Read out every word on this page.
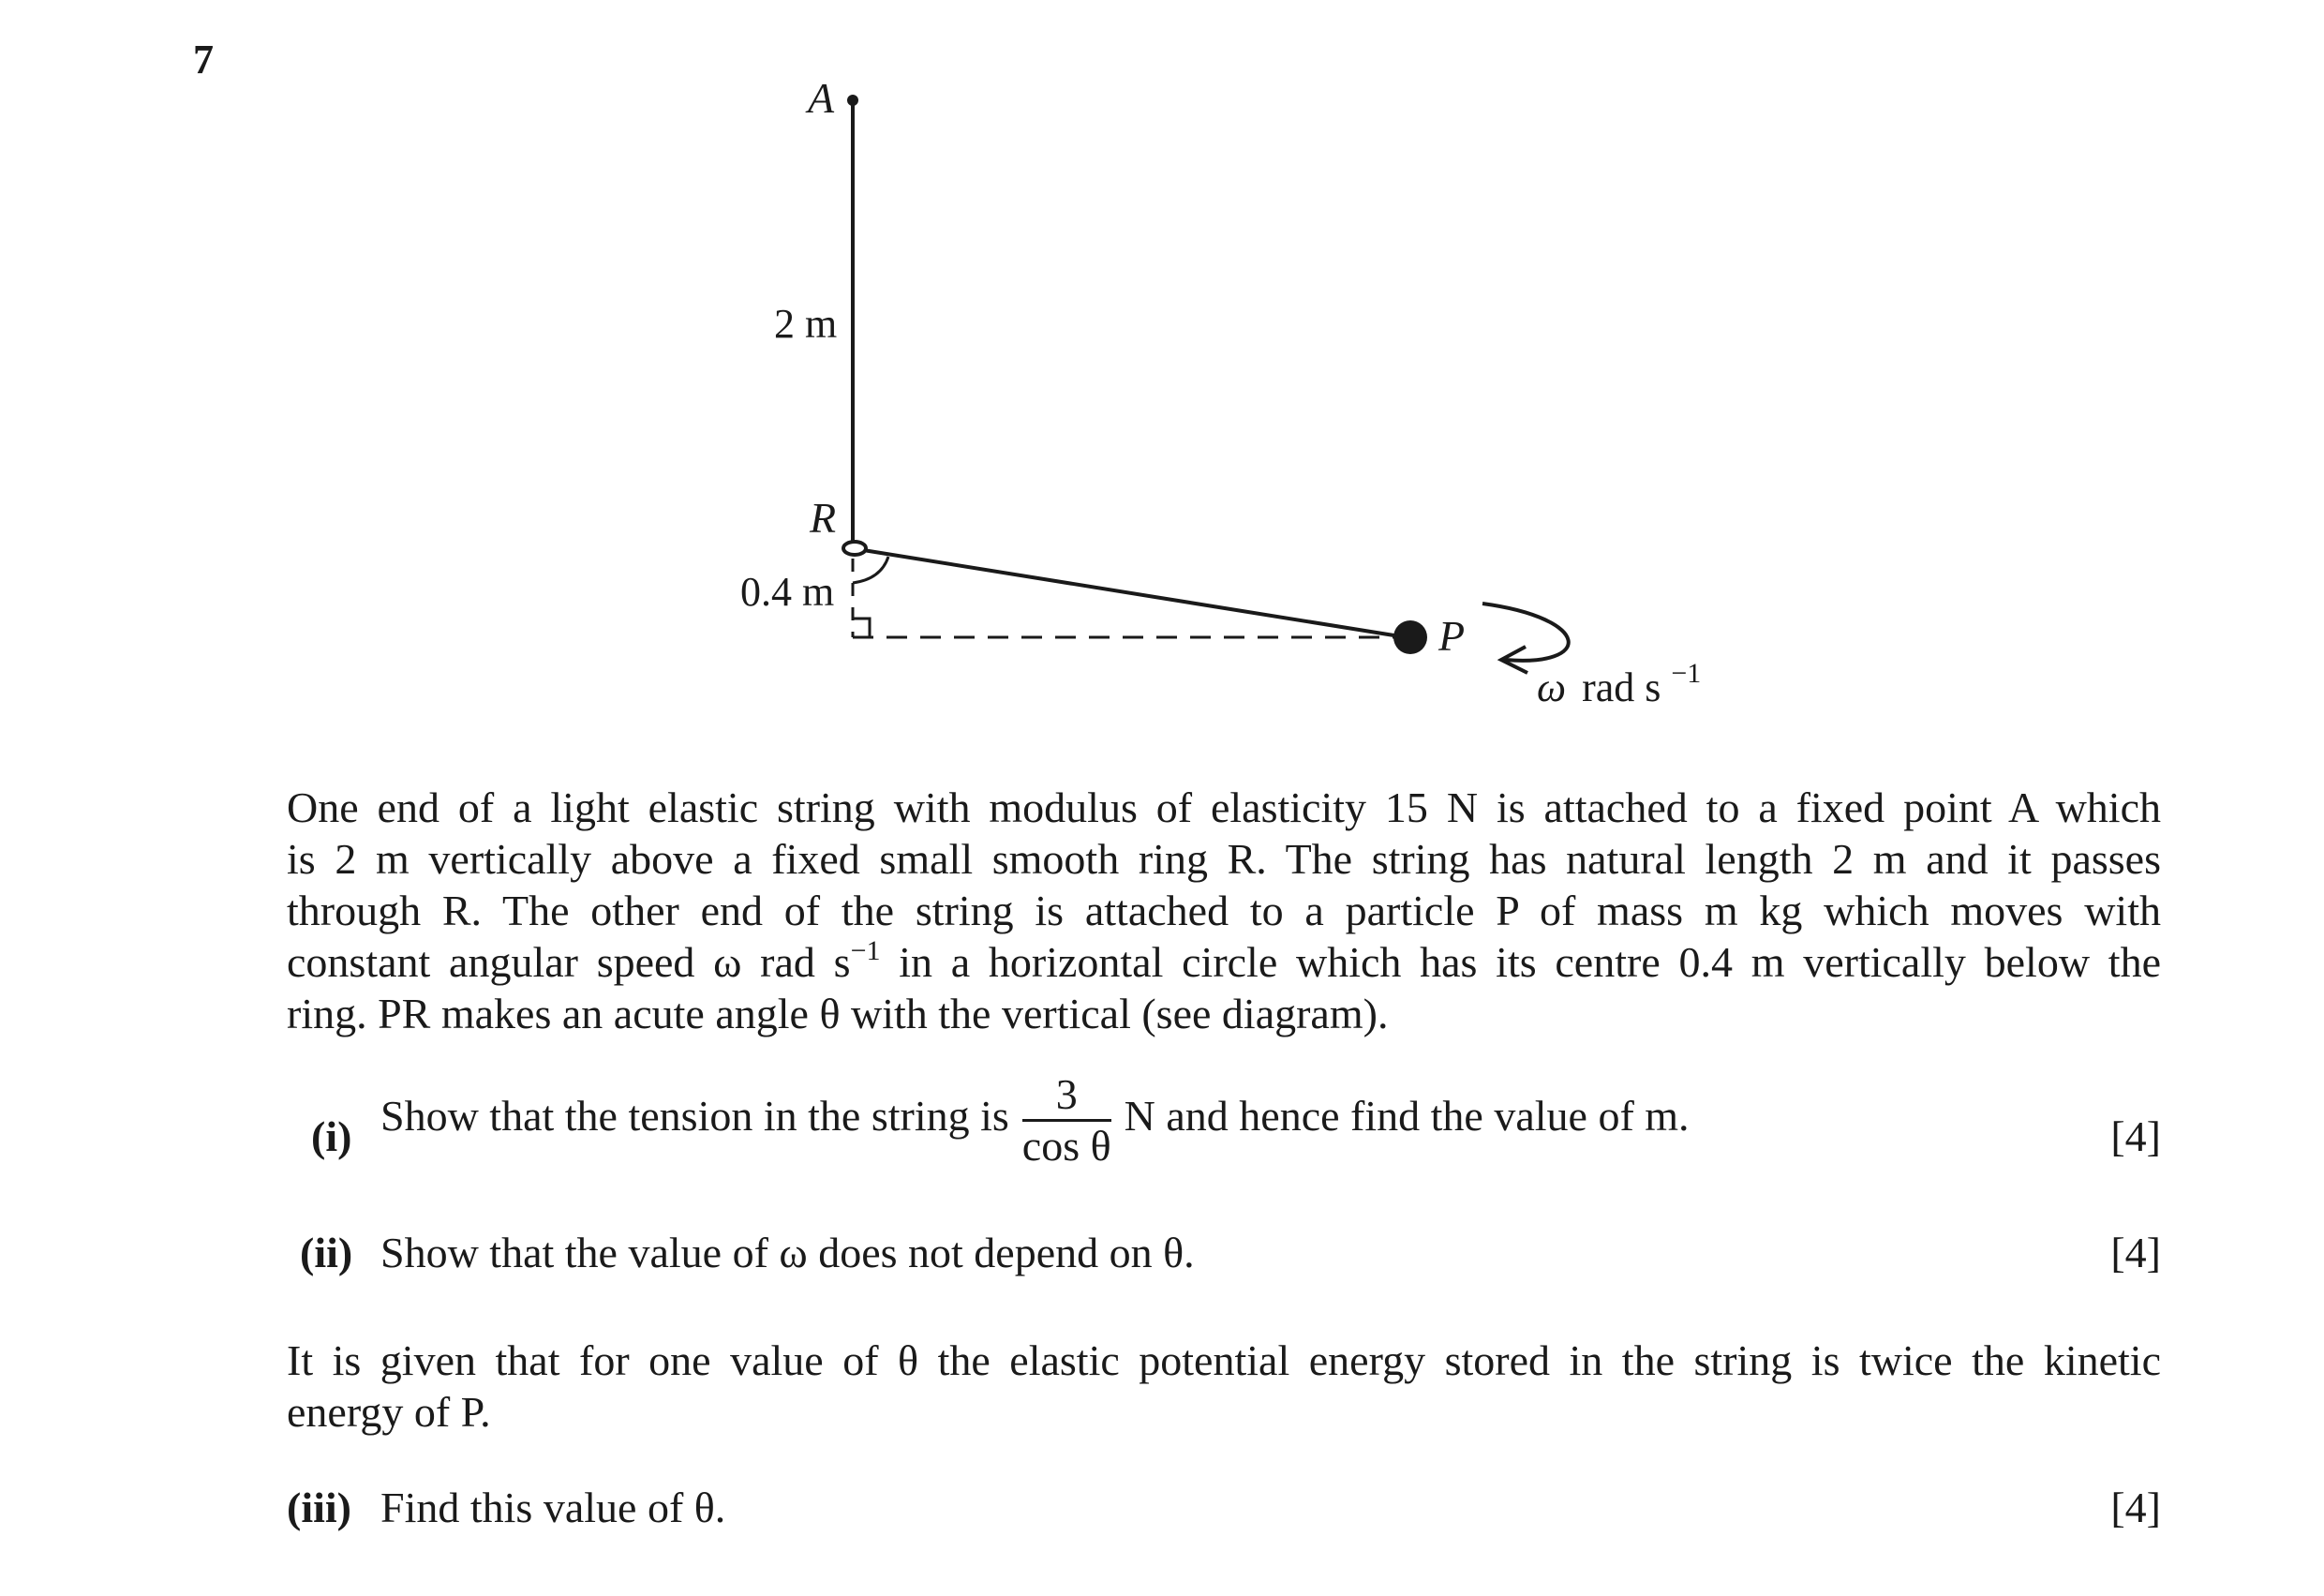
7
A
2 m
R
0.4 m
P
ω rad s $^{-1}$
One end of a light elastic string with modulus of elasticity 15 N is attached to a fixed point A which
is 2 m vertically above a fixed small smooth ring R. The string has natural length 2 m and it passes
through R. The other end of the string is attached to a particle P of mass m kg which moves with
constant angular speed ω rad $s^{-1}$ in a horizontal circle which has its centre 0.4 m vertically below the
ring. PR makes an acute angle θ with the vertical (see diagram).
(i) Show that the tension in the string is $\frac{3}{\text{cos θ}}$ N and hence find the value of m.	[4]
(ii) Show that the value of ω does not depend on θ.	[4]
It is given that for one value of θ the elastic potential energy stored in the string is twice the kinetic
energy of P.
(iii) Find this value of θ.	[4]
